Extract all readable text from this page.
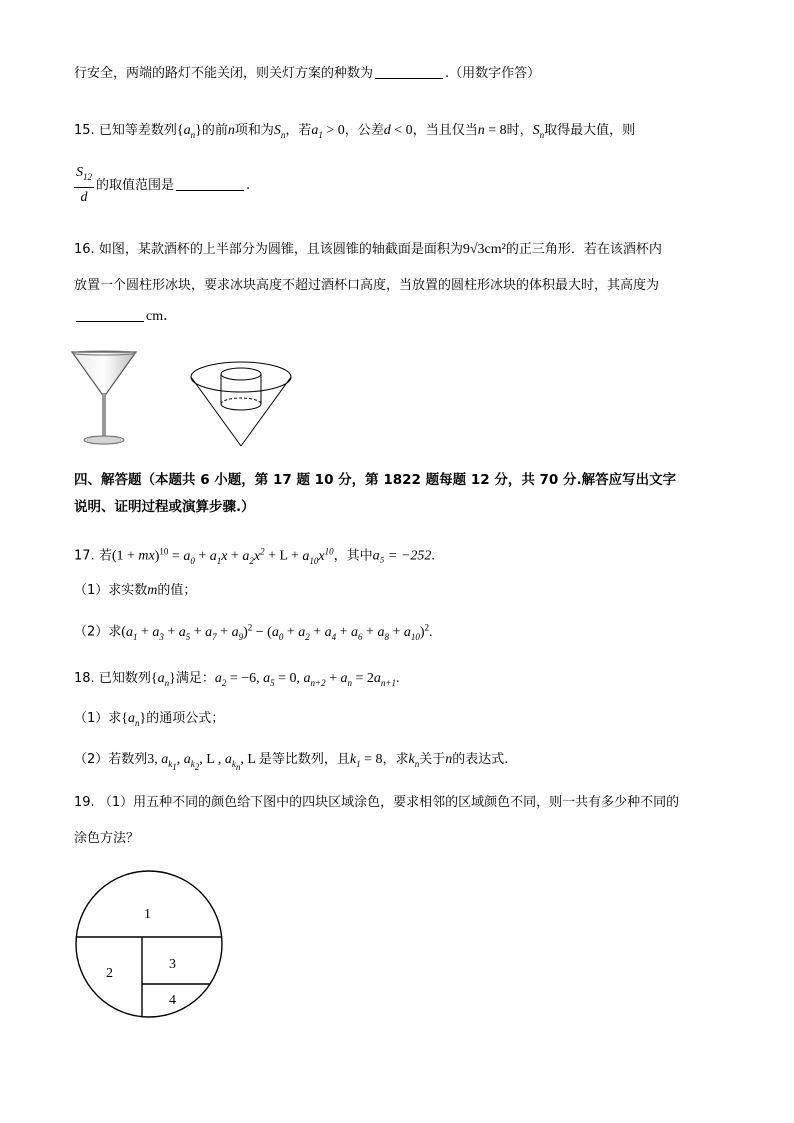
行安全，两端的路灯不能关闭，则关灯方案的种数为	.（用数字作答）
15. 已知等差数列$\{a_n\}$的前n项和为$S_n$，若$a_1 > 0$，公差d < 0，当且仅当n = 8时，$S_n$取得最大值，则
$\frac{S_{12}}{d}$ 的取值范围是	.
16. 如图，某款酒杯的上半部分为圆锥，且该圆锥的轴截面是面积为9√3cm²的正三角形．若在该酒杯内
放置一个圆柱形冰块，要求冰块高度不超过酒杯口高度，当放置的圆柱形冰块的体积最大时，其高度为
cm．
四、解答题（本题共 6 小题，第 17 题 10 分，第 1822 题每题 12 分，共 70 分.解答应写出文字
说明、证明过程或演算步骤.）
17. 若$(1 + mx)^{10} = a_0 + a_1x + a_2x^2 + L + a_{10}x^{10}$，其中a₅ = −252.
（1）求实数m的值；
（2）求$(a_1 + a_3 + a_5 + a_7 + a_9)^2 - (a_0 + a_2 + a_4 + a_6 + a_8 + a_{10})^2$.
18. 已知数列$\{a_n\}$满足：$a_2 = -6$, $a_5 = 0$, $a_{n+2} + a_n = 2a_{n+1}$.
（1）求$\{a_n\}$的通项公式；
（2）若数列3, $a_{k_1}$, $a_{k_2}$, L , $a_{k_n}$, L 是等比数列，且$k_1 = 8$，求$k_n$关于n的表达式.
19. （1）用五种不同的颜色给下图中的四块区域涂色，要求相邻的区域颜色不同，则一共有多少种不同的
涂色方法？
1
2
3
4
